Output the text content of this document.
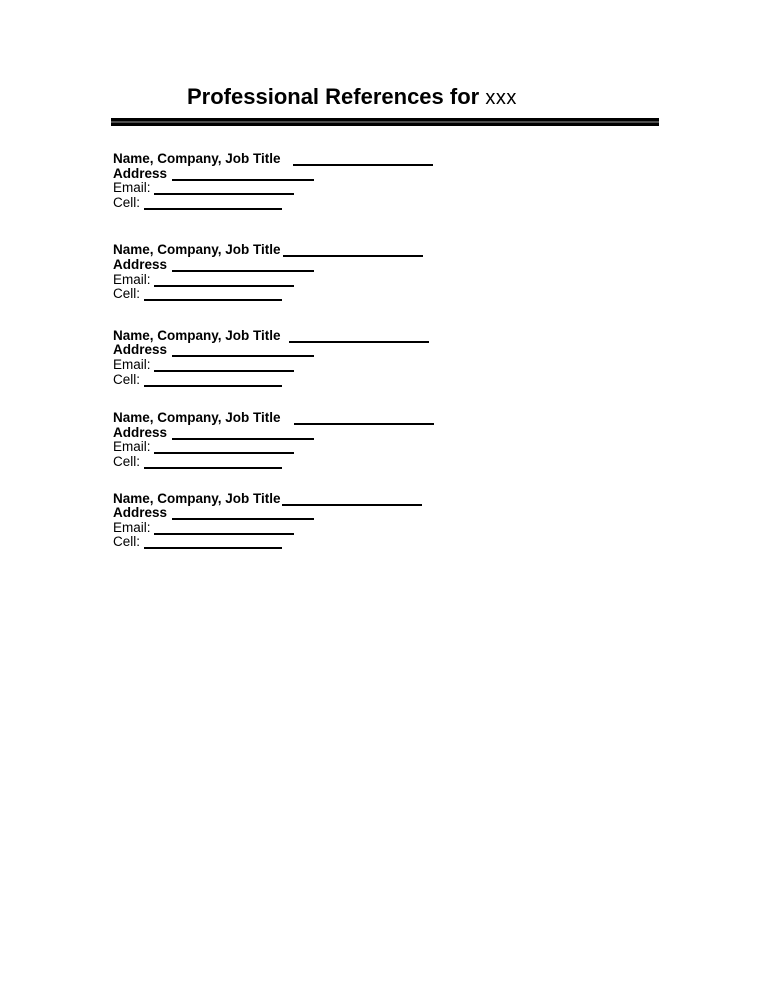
Professional References for xxx
Name, Company, Job Title
Address
Email:
Cell:
Name, Company, Job Title
Address
Email:
Cell:
Name, Company, Job Title
Address
Email:
Cell:
Name, Company, Job Title
Address
Email:
Cell:
Name, Company, Job Title
Address
Email:
Cell:
